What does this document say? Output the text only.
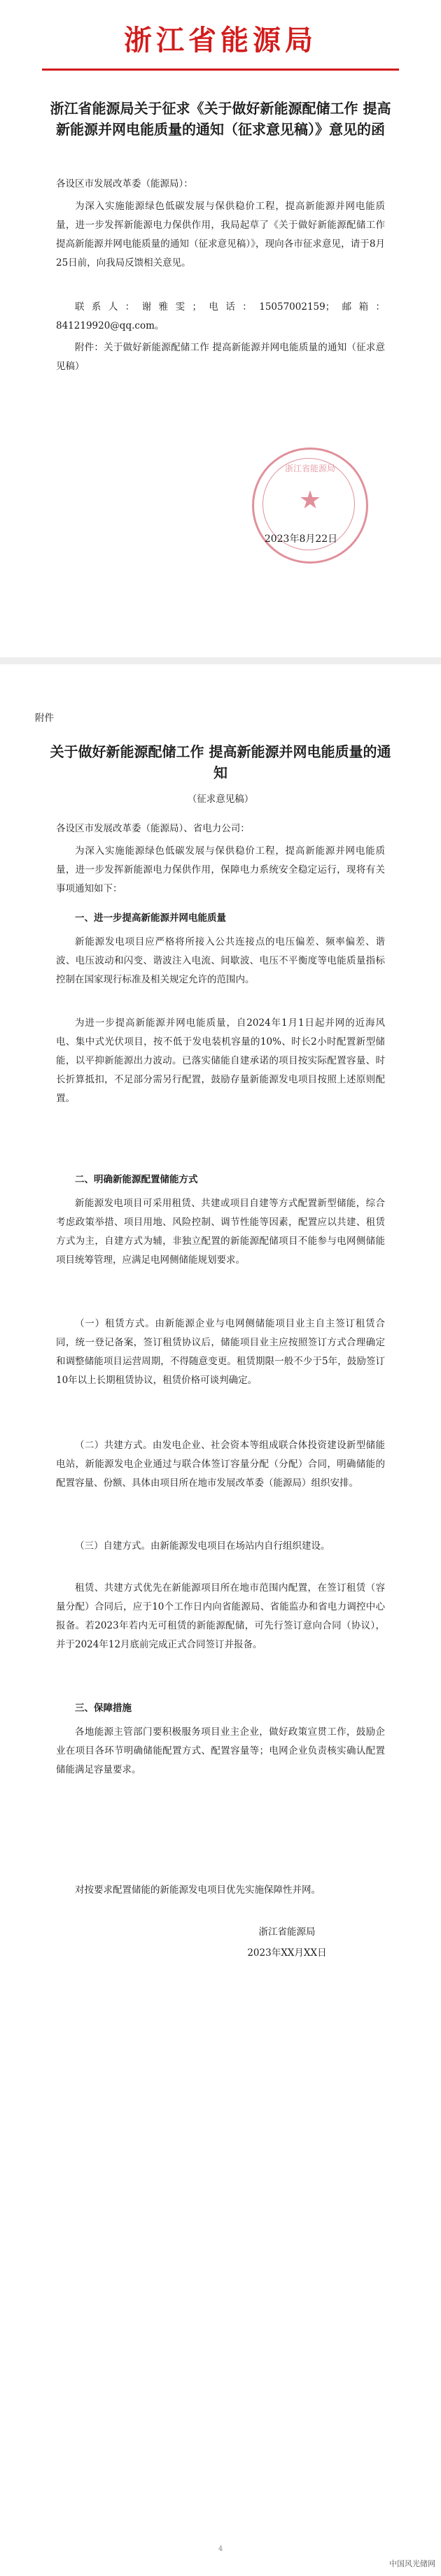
浙江省能源局
浙江省能源局关于征求《关于做好新能源配储工作 提高新能源并网电能质量的通知（征求意见稿）》意见的函
各设区市发展改革委（能源局）：
为深入实施能源绿色低碳发展与保供稳价工程，提高新能源并网电能质量，进一步发挥新能源电力保供作用，我局起草了《关于做好新能源配储工作 提高新能源并网电能质量的通知（征求意见稿）》，现向各市征求意见，请于8月25日前，向我局反馈相关意见。
联系人：谢雅雯；电话：15057002159；邮箱：841219920@qq.com。
附件：关于做好新能源配储工作 提高新能源并网电能质量的通知（征求意见稿）
浙江省能源局
★
2023年8月22日
附件
关于做好新能源配储工作 提高新能源并网电能质量的通知
（征求意见稿）
各设区市发展改革委（能源局）、省电力公司：
为深入实施能源绿色低碳发展与保供稳价工程，提高新能源并网电能质量，进一步发挥新能源电力保供作用，保障电力系统安全稳定运行，现将有关事项通知如下：
一、进一步提高新能源并网电能质量
新能源发电项目应严格将所接入公共连接点的电压偏差、频率偏差、谐波、电压波动和闪变、谐波注入电流、间歇波、电压不平衡度等电能质量指标控制在国家现行标准及相关规定允许的范围内。
为进一步提高新能源并网电能质量，自2024年1月1日起并网的近海风电、集中式光伏项目，按不低于发电装机容量的10%、时长2小时配置新型储能，以平抑新能源出力波动。已落实储能自建承诺的项目按实际配置容量、时长折算抵扣，不足部分需另行配置，鼓励存量新能源发电项目按照上述原则配置。
二、明确新能源配置储能方式
新能源发电项目可采用租赁、共建或项目自建等方式配置新型储能，综合考虑政策举措、项目用地、风险控制、调节性能等因素，配置应以共建、租赁方式为主，自建方式为辅，非独立配置的新能源配储项目不能参与电网侧储能项目统筹管理，应满足电网侧储能规划要求。
（一）租赁方式。由新能源企业与电网侧储能项目业主自主签订租赁合同，统一登记备案，签订租赁协议后，储能项目业主应按照签订方式合理确定和调整储能项目运营周期，不得随意变更。租赁期限一般不少于5年，鼓励签订10年以上长期租赁协议，租赁价格可谈判确定。
（二）共建方式。由发电企业、社会资本等组成联合体投资建设新型储能电站，新能源发电企业通过与联合体签订容量分配（分配）合同，明确储能的配置容量、份额、具体由项目所在地市发展改革委（能源局）组织安排。
（三）自建方式。由新能源发电项目在场站内自行组织建设。
租赁、共建方式优先在新能源项目所在地市范围内配置，在签订租赁（容量分配）合同后，应于10个工作日内向省能源局、省能监办和省电力调控中心报备。若2023年若内无可租赁的新能源配储，可先行签订意向合同（协议），并于2024年12月底前完成正式合同签订并报备。
三、保障措施
各地能源主管部门要积极服务项目业主企业，做好政策宣贯工作，鼓励企业在项目各环节明确储能配置方式、配置容量等；电网企业负责核实确认配置储能满足容量要求。
对按要求配置储能的新能源发电项目优先实施保障性并网。
浙江省能源局
2023年XX月XX日
4
中国风光储网
